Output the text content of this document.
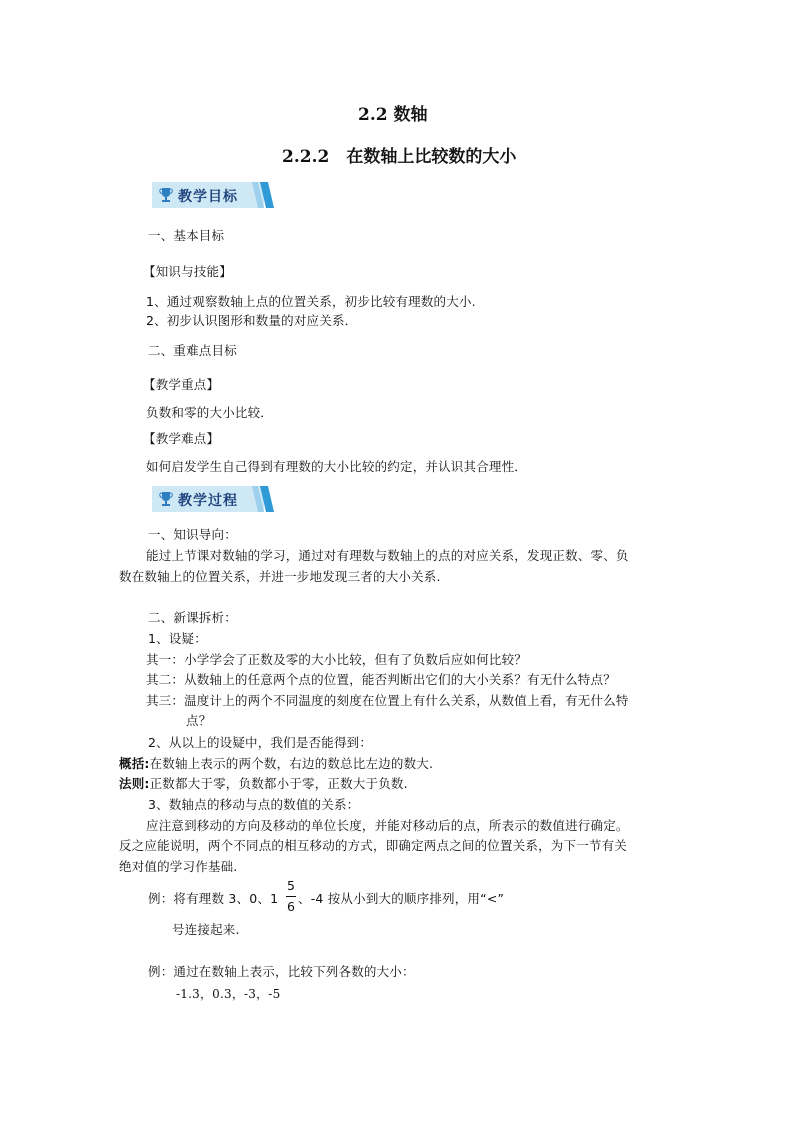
2.2 数轴
2.2.2　在数轴上比较数的大小
教学目标
一、基本目标
【知识与技能】
1、通过观察数轴上点的位置关系，初步比较有理数的大小.
2、初步认识图形和数量的对应关系．
二、重难点目标
【教学重点】
负数和零的大小比较．
【教学难点】
如何启发学生自己得到有理数的大小比较的约定，并认识其合理性．
教学过程
一、知识导向：
能过上节课对数轴的学习，通过对有理数与数轴上的点的对应关系，发现正数、零、负
数在数轴上的位置关系，并进一步地发现三者的大小关系.
二、新课拆析：
1、设疑：
其一：小学学会了正数及零的大小比较，但有了负数后应如何比较？
其二：从数轴上的任意两个点的位置，能否判断出它们的大小关系？有无什么特点？
其三：温度计上的两个不同温度的刻度在位置上有什么关系，从数值上看，有无什么特
点？
2、从以上的设疑中，我们是否能得到：
概括:在数轴上表示的两个数，右边的数总比左边的数大.
法则:正数都大于零，负数都小于零，正数大于负数.
3、数轴点的移动与点的数值的关系：
应注意到移动的方向及移动的单位长度，并能对移动后的点，所表示的数值进行确定。
反之应能说明，两个不同点的相互移动的方式，即确定两点之间的位置关系，为下一节有关
绝对值的学习作基础.
例：将有理数 3、0、1
5
6
、-4 按从小到大的顺序排列，用“<”
号连接起来.
例：通过在数轴上表示，比较下列各数的大小：
-1.3，0.3，-3，-5
